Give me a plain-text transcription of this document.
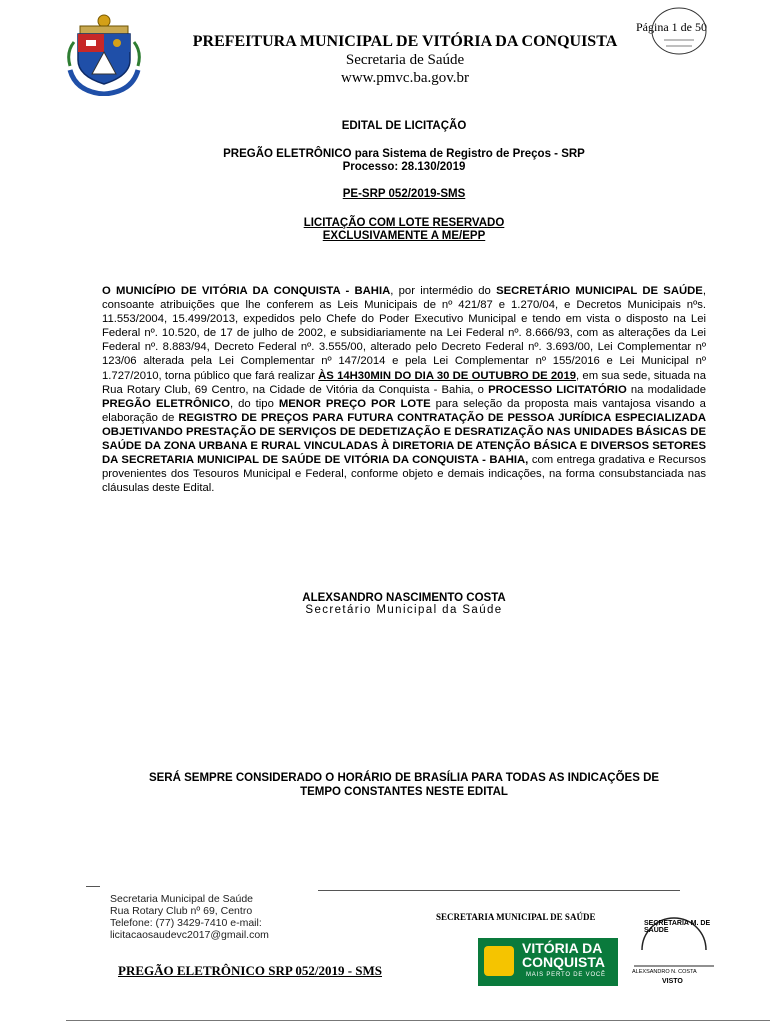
Página 1 de 50
PREFEITURA MUNICIPAL DE VITÓRIA DA CONQUISTA
Secretaria de Saúde
www.pmvc.ba.gov.br
EDITAL DE LICITAÇÃO
PREGÃO ELETRÔNICO para Sistema de Registro de Preços - SRP
Processo: 28.130/2019
PE-SRP 052/2019-SMS
LICITAÇÃO COM LOTE RESERVADO
EXCLUSIVAMENTE A ME/EPP
O MUNICÍPIO DE VITÓRIA DA CONQUISTA - BAHIA, por intermédio do SECRETÁRIO MUNICIPAL DE SAÚDE, consoante atribuições que lhe conferem as Leis Municipais de nº 421/87 e 1.270/04, e Decretos Municipais nºs. 11.553/2004, 15.499/2013, expedidos pelo Chefe do Poder Executivo Municipal e tendo em vista o disposto na Lei Federal nº. 10.520, de 17 de julho de 2002, e subsidiariamente na Lei Federal nº. 8.666/93, com as alterações da Lei Federal nº. 8.883/94, Decreto Federal nº. 3.555/00, alterado pelo Decreto Federal nº. 3.693/00, Lei Complementar nº 123/06 alterada pela Lei Complementar nº 147/2014 e pela Lei Complementar nº 155/2016 e Lei Municipal nº 1.727/2010, torna público que fará realizar ÀS 14H30MIN DO DIA 30 DE OUTUBRO DE 2019, em sua sede, situada na Rua Rotary Club, 69 Centro, na Cidade de Vitória da Conquista - Bahia, o PROCESSO LICITATÓRIO na modalidade PREGÃO ELETRÔNICO, do tipo MENOR PREÇO POR LOTE para seleção da proposta mais vantajosa visando a elaboração de REGISTRO DE PREÇOS PARA FUTURA CONTRATAÇÃO DE PESSOA JURÍDICA ESPECIALIZADA OBJETIVANDO PRESTAÇÃO DE SERVIÇOS DE DEDETIZAÇÃO E DESRATIZAÇÃO NAS UNIDADES BÁSICAS DE SAÚDE DA ZONA URBANA E RURAL VINCULADAS À DIRETORIA DE ATENÇÃO BÁSICA E DIVERSOS SETORES DA SECRETARIA MUNICIPAL DE SAÚDE DE VITÓRIA DA CONQUISTA - BAHIA, com entrega gradativa e Recursos provenientes dos Tesouros Municipal e Federal, conforme objeto e demais indicações, na forma consubstanciada nas cláusulas deste Edital.
ALEXSANDRO NASCIMENTO COSTA
Secretário Municipal da Saúde
SERÁ SEMPRE CONSIDERADO O HORÁRIO DE BRASÍLIA PARA TODAS AS INDICAÇÕES DE
TEMPO CONSTANTES NESTE EDITAL
Secretaria Municipal de Saúde
Rua Rotary Club nº 69, Centro
Telefone: (77) 3429-7410 e-mail:
licitacaosaudevc2017@gmail.com
SECRETARIA MUNICIPAL DE SAÚDE
PREGÃO ELETRÔNICO SRP 052/2019 - SMS
VITÓRIA DA
CONQUISTA
MAIS PERTO DE VOCÊ
SECRETARIA M. DE SAÚDE
ALEXSANDRO N. COSTA
VISTO
